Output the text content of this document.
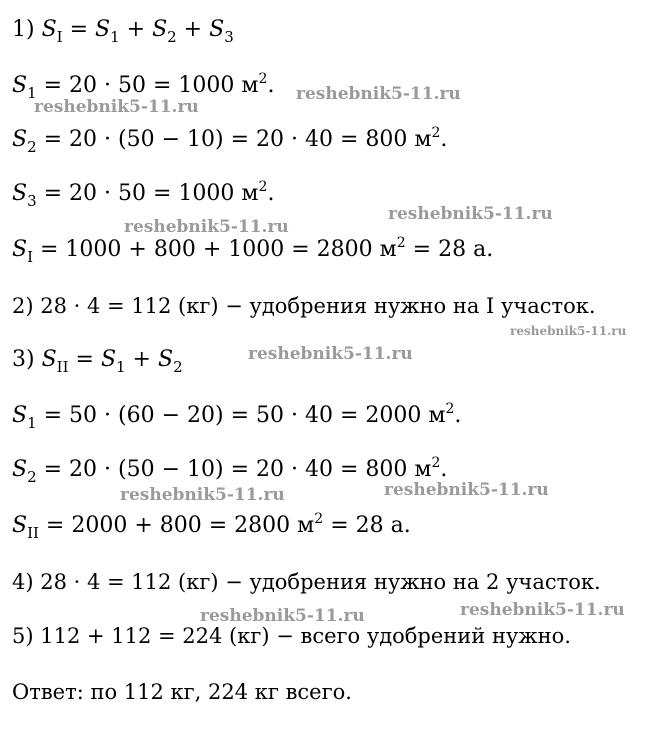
1) $S_I = S_1 + S_2 + S_3$
$S_1 = 20 \cdot 50 = 1000$ $м^2$.
$S_2 = 20 \cdot (50 - 10) = 20 \cdot 40 = 800$ $м^2$.
$S_3 = 20 \cdot 50 = 1000$ $м^2$.
$S_I = 1000 + 800 + 1000 = 2800$ $м^2 = 28$ а.
2) 28 · 4 = 112 (кг) − удобрения нужно на I участок.
3) $S_{II} = S_1 + S_2$
$S_1 = 50 \cdot (60 - 20) = 50 \cdot 40 = 2000$ $м^2$.
$S_2 = 20 \cdot (50 - 10) = 20 \cdot 40 = 800$ $м^2$.
$S_{II} = 2000 + 800 = 2800$ $м^2 = 28$ а.
4) 28 · 4 = 112 (кг) − удобрения нужно на 2 участок.
5) 112 + 112 = 224 (кг) − всего удобрений нужно.
Ответ: по 112 кг, 224 кг всего.
reshebnik5-11.ru
reshebnik5-11.ru
reshebnik5-11.ru
reshebnik5-11.ru
reshebnik5-11.ru
reshebnik5-11.ru
reshebnik5-11.ru	reshebnik5-11.ru
reshebnik5-11.ru	reshebnik5-11.ru
